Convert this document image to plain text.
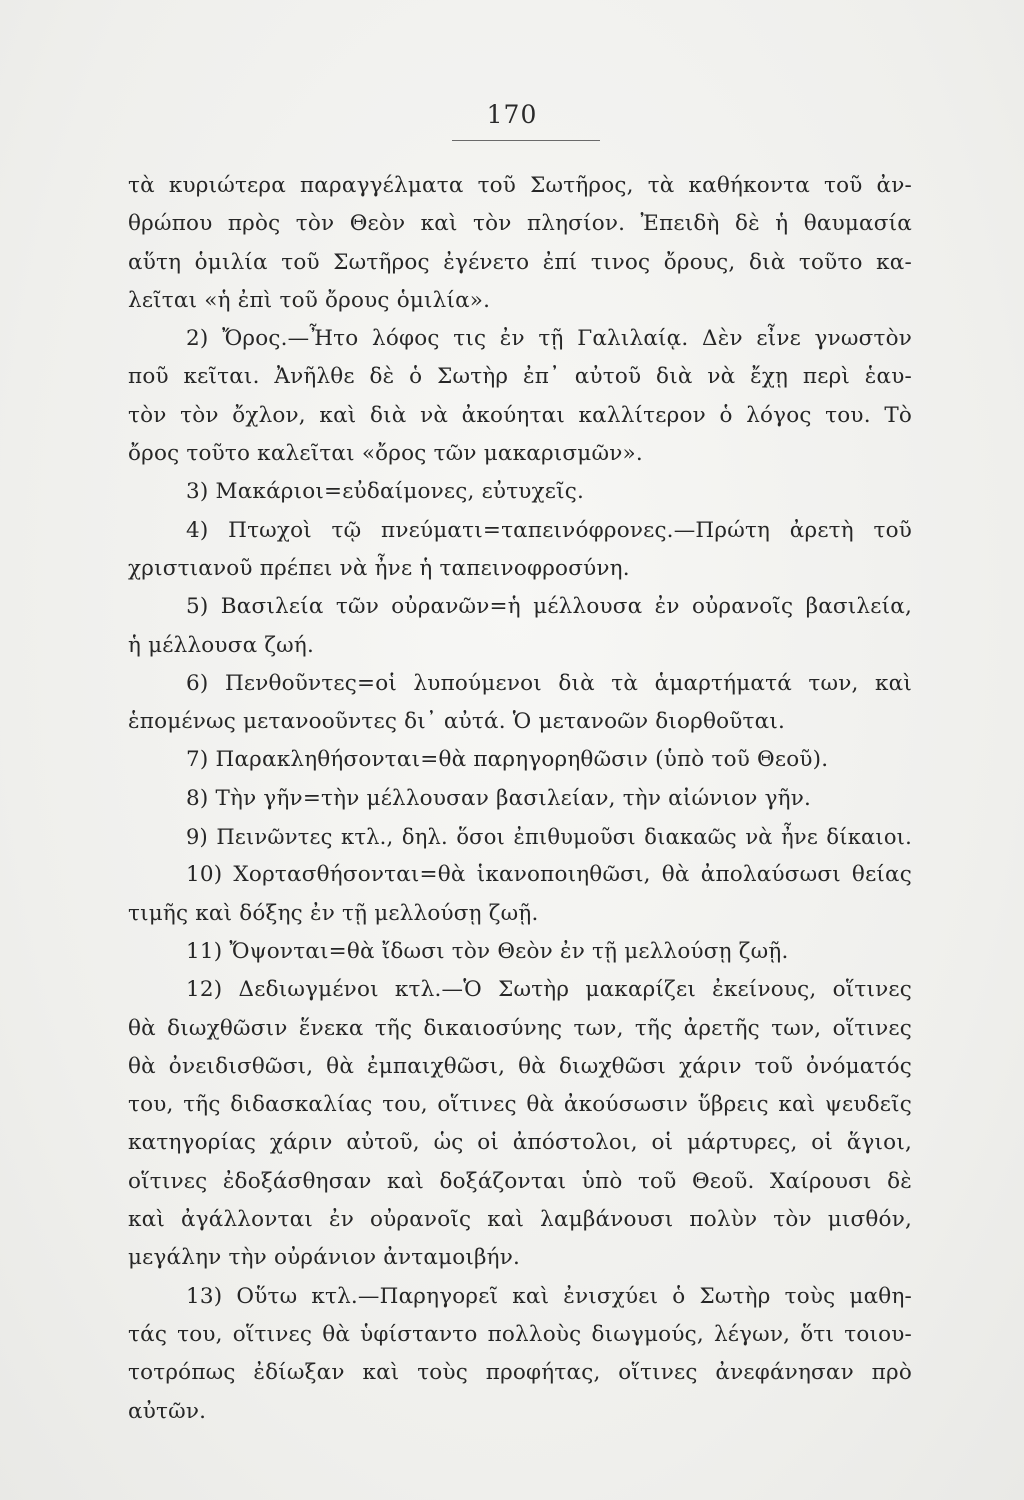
170
τὰ κυριώτερα παραγγέλματα τοῦ Σωτῆρος, τὰ καθήκοντα τοῦ ἀν-
θρώπου πρὸς τὸν Θεὸν καὶ τὸν πλησίον. Ἐπειδὴ δὲ ἡ θαυμασία
αὕτη ὁμιλία τοῦ Σωτῆρος ἐγένετο ἐπί τινος ὄρους, διὰ τοῦτο κα-
λεῖται «ἡ ἐπὶ τοῦ ὄρους ὁμιλία».
2) Ὄρος.—Ἦτο λόφος τις ἐν τῇ Γαλιλαίᾳ. Δὲν εἶνε γνωστὸν
ποῦ κεῖται. Ἀνῆλθε δὲ ὁ Σωτὴρ ἐπ᾽ αὐτοῦ διὰ νὰ ἔχῃ περὶ ἑαυ-
τὸν τὸν ὄχλον, καὶ διὰ νὰ ἀκούηται καλλίτερον ὁ λόγος του. Τὸ
ὄρος τοῦτο καλεῖται «ὄρος τῶν μακαρισμῶν».
3) Μακάριοι=εὐδαίμονες, εὐτυχεῖς.
4) Πτωχοὶ τῷ πνεύματι=ταπεινόφρονες.—Πρώτη ἀρετὴ τοῦ
χριστιανοῦ πρέπει νὰ ἦνε ἡ ταπεινοφροσύνη.
5) Βασιλεία τῶν οὐρανῶν=ἡ μέλλουσα ἐν οὐρανοῖς βασιλεία,
ἡ μέλλουσα ζωή.
6) Πενθοῦντες=οἱ λυπούμενοι διὰ τὰ ἁμαρτήματά των, καὶ
ἑπομένως μετανοοῦντες δι᾽ αὐτά. Ὁ μετανοῶν διορθοῦται.
7) Παρακληθήσονται=θὰ παρηγορηθῶσιν (ὑπὸ τοῦ Θεοῦ).
8) Τὴν γῆν=τὴν μέλλουσαν βασιλείαν, τὴν αἰώνιον γῆν.
9) Πεινῶντες κτλ., δηλ. ὅσοι ἐπιθυμοῦσι διακαῶς νὰ ἦνε δίκαιοι.
10) Χορτασθήσονται=θὰ ἱκανοποιηθῶσι, θὰ ἀπολαύσωσι θείας
τιμῆς καὶ δόξης ἐν τῇ μελλούσῃ ζωῇ.
11) Ὄψονται=θὰ ἴδωσι τὸν Θεὸν ἐν τῇ μελλούσῃ ζωῇ.
12) Δεδιωγμένοι κτλ.—Ὁ Σωτὴρ μακαρίζει ἐκείνους, οἵτινες
θὰ διωχθῶσιν ἕνεκα τῆς δικαιοσύνης των, τῆς ἀρετῆς των, οἵτινες
θὰ ὀνειδισθῶσι, θὰ ἐμπαιχθῶσι, θὰ διωχθῶσι χάριν τοῦ ὀνόματός
του, τῆς διδασκαλίας του, οἵτινες θὰ ἀκούσωσιν ὕβρεις καὶ ψευδεῖς
κατηγορίας χάριν αὐτοῦ, ὡς οἱ ἀπόστολοι, οἱ μάρτυρες, οἱ ἅγιοι,
οἵτινες ἐδοξάσθησαν καὶ δοξάζονται ὑπὸ τοῦ Θεοῦ. Χαίρουσι δὲ
καὶ ἀγάλλονται ἐν οὐρανοῖς καὶ λαμβάνουσι πολὺν τὸν μισθόν,
μεγάλην τὴν οὐράνιον ἀνταμοιβήν.
13) Οὕτω κτλ.—Παρηγορεῖ καὶ ἐνισχύει ὁ Σωτὴρ τοὺς μαθη-
τάς του, οἵτινες θὰ ὑφίσταντο πολλοὺς διωγμούς, λέγων, ὅτι τοιου-
τοτρόπως ἐδίωξαν καὶ τοὺς προφήτας, οἵτινες ἀνεφάνησαν πρὸ
αὐτῶν.
